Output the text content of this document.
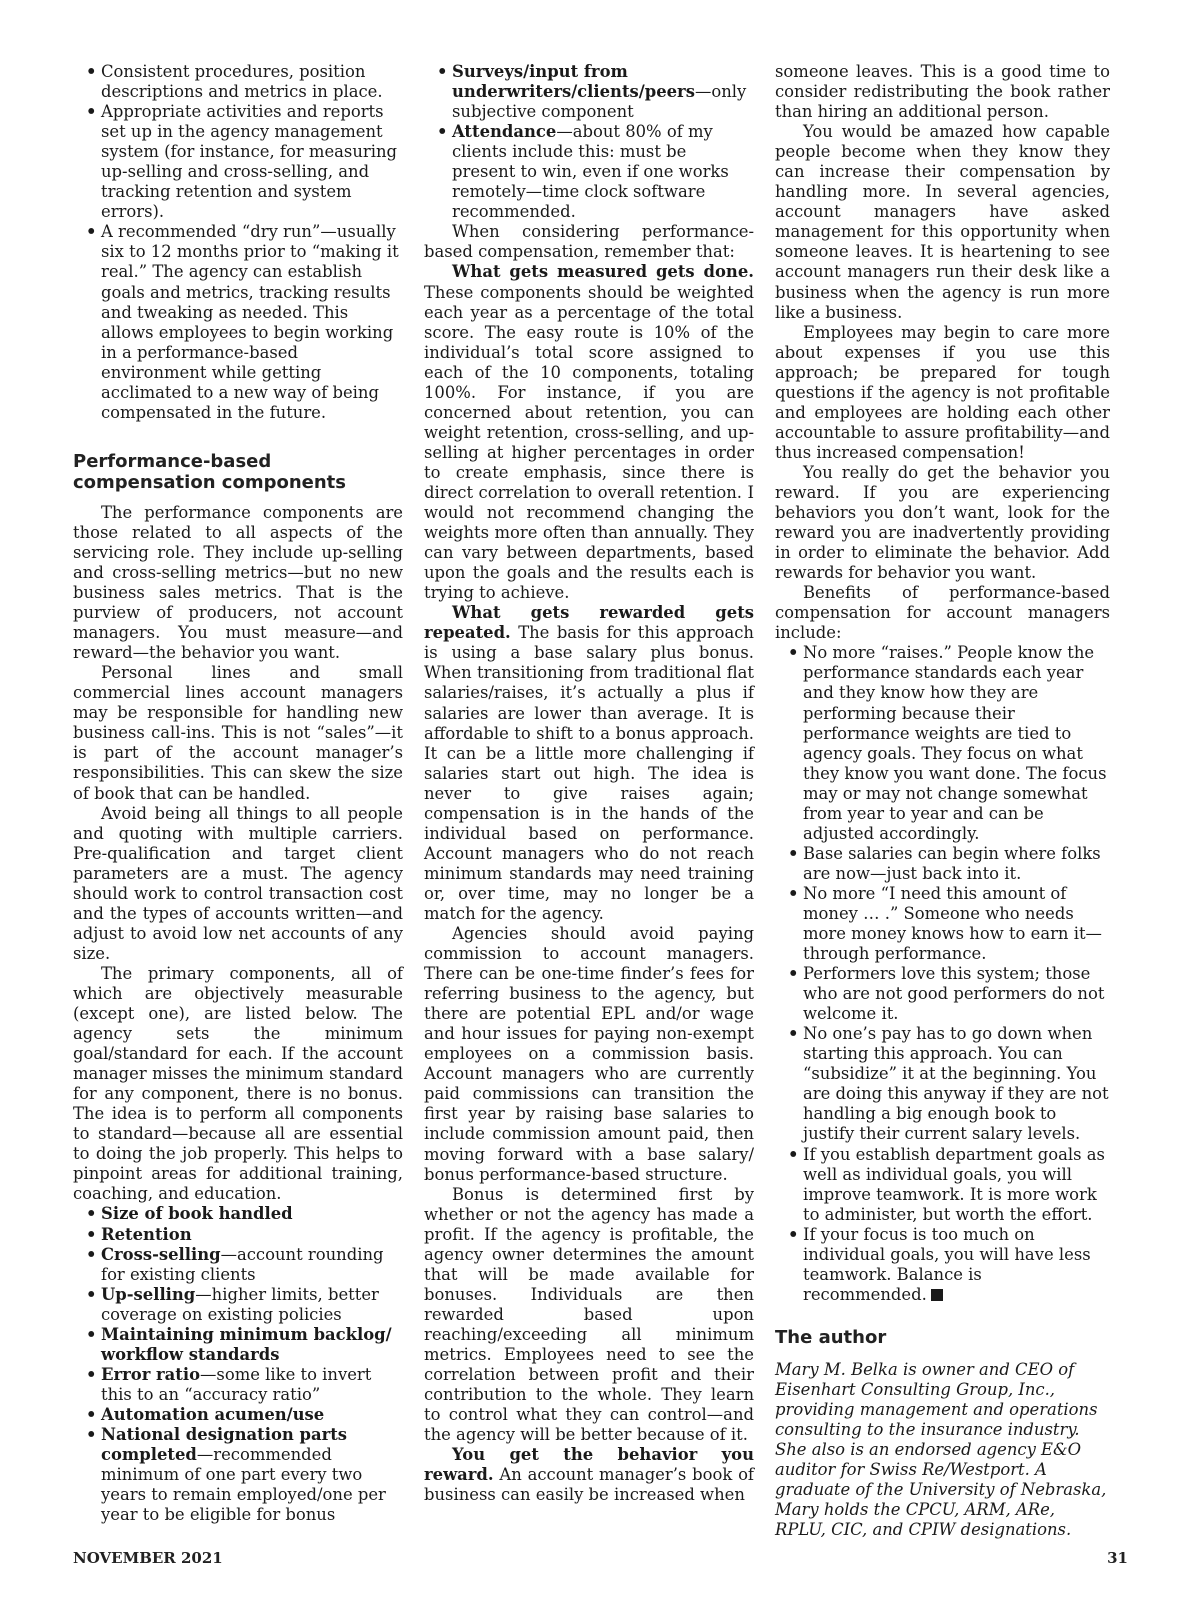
• Consistent procedures, position descriptions and metrics in place.
• Appropriate activities and reports set up in the agency management system (for instance, for measuring up-selling and cross-selling, and tracking retention and system errors).
• A recommended “dry run”—usually six to 12 months prior to “making it real.” The agency can establish goals and metrics, tracking results and tweaking as needed. This allows employees to begin working in a performance-based environment while getting acclimated to a new way of being compensated in the future.
Performance-based compensation components

The performance components are those related to all aspects of the servicing role. They include up-selling and cross-selling metrics—but no new business sales metrics. That is the purview of producers, not account managers. You must measure—and reward—the behavior you want.

Personal lines and small commercial lines account managers may be responsible for handling new business call-ins. This is not “sales”—it is part of the account manager’s responsibilities. This can skew the size of book that can be handled.

Avoid being all things to all people and quoting with multiple carriers. Pre-qualification and target client parameters are a must. The agency should work to control transaction cost and the types of accounts written—and adjust to avoid low net accounts of any size.

The primary components, all of which are objectively measurable (except one), are listed below. The agency sets the minimum goal/standard for each. If the account manager misses the minimum standard for any component, there is no bonus. The idea is to perform all components to standard—because all are essential to doing the job properly. This helps to pinpoint areas for additional training, coaching, and education.

• Size of book handled
• Retention
• Cross-selling—account rounding for existing clients
• Up-selling—higher limits, better coverage on existing policies
• Maintaining minimum backlog/ workflow standards
• Error ratio—some like to invert this to an “accuracy ratio”
• Automation acumen/use
• National designation parts completed—recommended minimum of one part every two years to remain employed/one per year to be eligible for bonus
• Surveys/input from underwriters/clients/peers—only subjective component
• Attendance—about 80% of my clients include this: must be present to win, even if one works remotely—time clock software recommended.

When considering performance-based compensation, remember that:

What gets measured gets done. These components should be weighted each year as a percentage of the total score. The easy route is 10% of the individual’s total score assigned to each of the 10 components, totaling 100%. For instance, if you are concerned about retention, you can weight retention, cross-selling, and up-selling at higher percentages in order to create emphasis, since there is direct correlation to overall retention. I would not recommend changing the weights more often than annually. They can vary between departments, based upon the goals and the results each is trying to achieve.

What gets rewarded gets repeated. The basis for this approach is using a base salary plus bonus. When transitioning from traditional flat salaries/raises, it’s actually a plus if salaries are lower than average. It is affordable to shift to a bonus approach. It can be a little more challenging if salaries start out high. The idea is never to give raises again; compensation is in the hands of the individual based on performance. Account managers who do not reach minimum standards may need training or, over time, may no longer be a match for the agency.

Agencies should avoid paying commission to account managers. There can be one-time finder’s fees for referring business to the agency, but there are potential EPL and/or wage and hour issues for paying non-exempt employees on a commission basis. Account managers who are currently paid commissions can transition the first year by raising base salaries to include commission amount paid, then moving forward with a base salary/ bonus performance-based structure.

Bonus is determined first by whether or not the agency has made a profit. If the agency is profitable, the agency owner determines the amount that will be made available for bonuses. Individuals are then rewarded based upon reaching/exceeding all minimum metrics. Employees need to see the correlation between profit and their contribution to the whole. They learn to control what they can control—and the agency will be better because of it.

You get the behavior you reward. An account manager’s book of business can easily be increased when

someone leaves. This is a good time to consider redistributing the book rather than hiring an additional person.

You would be amazed how capable people become when they know they can increase their compensation by handling more. In several agencies, account managers have asked management for this opportunity when someone leaves. It is heartening to see account managers run their desk like a business when the agency is run more like a business.

Employees may begin to care more about expenses if you use this approach; be prepared for tough questions if the agency is not profitable and employees are holding each other accountable to assure profitability—and thus increased compensation!

You really do get the behavior you reward. If you are experiencing behaviors you don’t want, look for the reward you are inadvertently providing in order to eliminate the behavior. Add rewards for behavior you want.

Benefits of performance-based compensation for account managers include:

• No more “raises.” People know the performance standards each year and they know how they are performing because their performance weights are tied to agency goals. They focus on what they know you want done. The focus may or may not change somewhat from year to year and can be adjusted accordingly.
• Base salaries can begin where folks are now—just back into it.
• No more “I need this amount of money … .” Someone who needs more money knows how to earn it—through performance.
• Performers love this system; those who are not good performers do not welcome it.
• No one’s pay has to go down when starting this approach. You can “subsidize” it at the beginning. You are doing this anyway if they are not handling a big enough book to justify their current salary levels.
• If you establish department goals as well as individual goals, you will improve teamwork. It is more work to administer, but worth the effort.
• If your focus is too much on individual goals, you will have less teamwork. Balance is recommended.
The author

Mary M. Belka is owner and CEO of Eisenhart Consulting Group, Inc., providing management and operations consulting to the insurance industry. She also is an endorsed agency E&O auditor for Swiss Re/Westport. A graduate of the University of Nebraska, Mary holds the CPCU, ARM, ARe, RPLU, CIC, and CPIW designations.

NOVEMBER 2021	31
